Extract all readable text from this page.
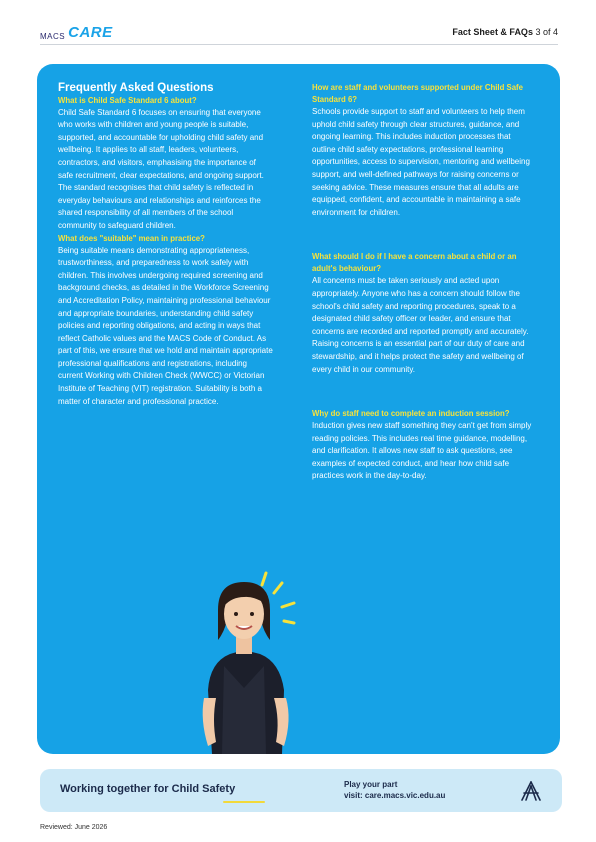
MACS CARE	Fact Sheet & FAQs 3 of 4

Frequently Asked Questions

What is Child Safe Standard 6 about?

Child Safe Standard 6 focuses on ensuring that everyone who works with children and young people is suitable, supported, and accountable for upholding child safety and wellbeing. It applies to all staff, leaders, volunteers, contractors, and visitors, emphasising the importance of safe recruitment, clear expectations, and ongoing support. The standard recognises that child safety is reflected in everyday behaviours and relationships and reinforces the shared responsibility of all members of the school community to safeguard children.

What does "suitable" mean in practice?

Being suitable means demonstrating appropriateness, trustworthiness, and preparedness to work safely with children. This involves undergoing required screening and background checks, as detailed in the Workforce Screening and Accreditation Policy, maintaining professional behaviour and appropriate boundaries, understanding child safety policies and reporting obligations, and acting in ways that reflect Catholic values and the MACS Code of Conduct. As part of this, we ensure that we hold and maintain appropriate professional qualifications and registrations, including current Working with Children Check (WWCC) or Victorian Institute of Teaching (VIT) registration. Suitability is both a matter of character and professional practice.

How are staff and volunteers supported under Child Safe Standard 6?

Schools provide support to staff and volunteers to help them uphold child safety through clear structures, guidance, and ongoing learning. This includes induction processes that outline child safety expectations, professional learning opportunities, access to supervision, mentoring and wellbeing support, and well-defined pathways for raising concerns or seeking advice. These measures ensure that all adults are equipped, confident, and accountable in maintaining a safe environment for children.

What should I do if I have a concern about a child or an adult's behaviour?

All concerns must be taken seriously and acted upon appropriately. Anyone who has a concern should follow the school's child safety and reporting procedures, speak to a designated child safety officer or leader, and ensure that concerns are recorded and reported promptly and accurately. Raising concerns is an essential part of our duty of care and stewardship, and it helps protect the safety and wellbeing of every child in our community.

Why do staff need to complete an induction session?

Induction gives new staff something they can't get from simply reading policies. This includes real time guidance, modelling, and clarification. It allows new staff to ask questions, see examples of expected conduct, and hear how child safe practices work in the day-to-day.

Working together for Child Safety	Play your part
visit: care.macs.vic.edu.au
Reviewed: June 2026
